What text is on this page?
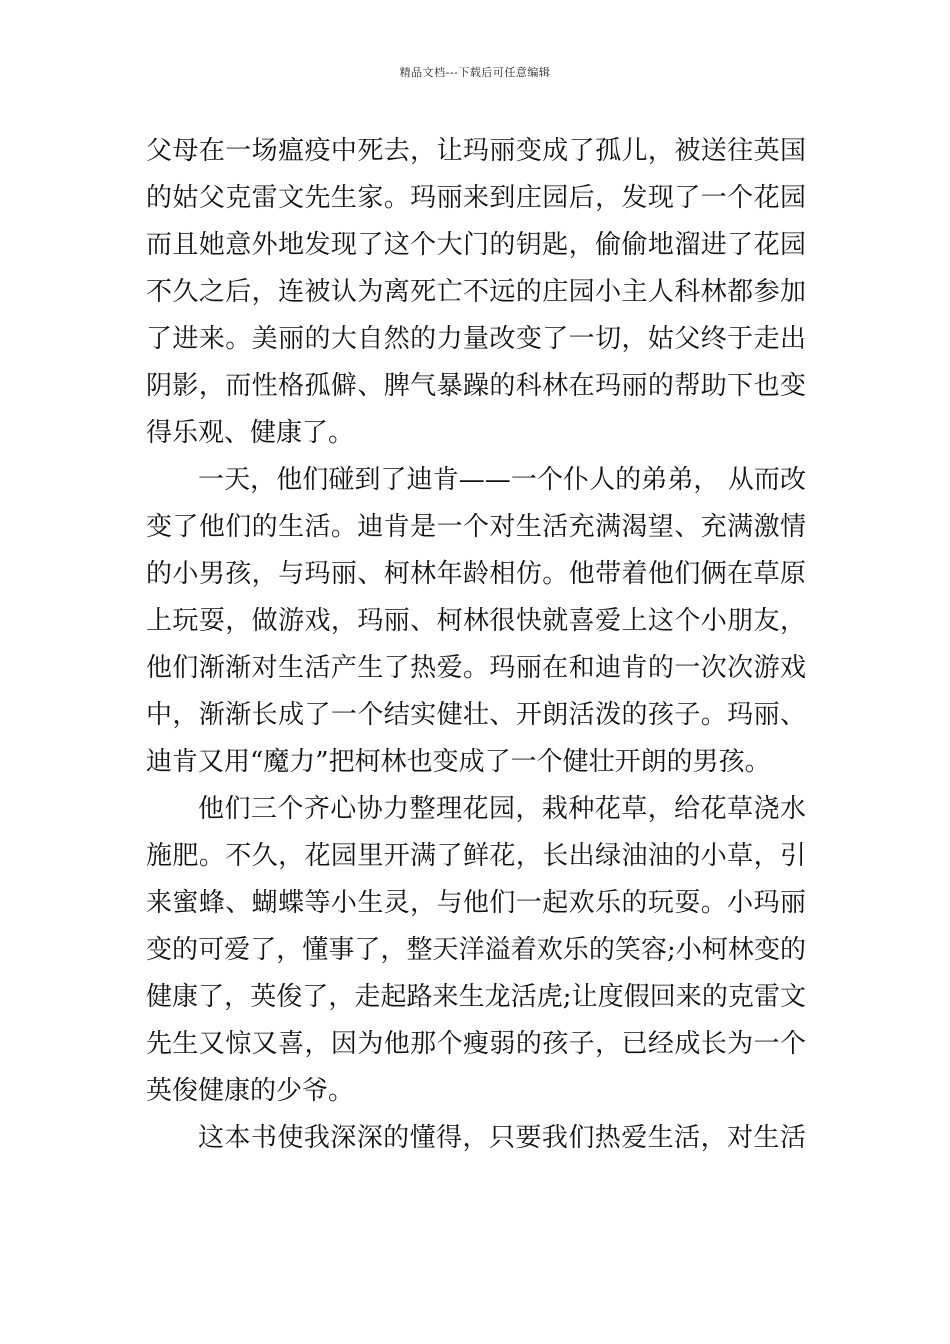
精品文档---下载后可任意编辑
父母在一场瘟疫中死去，让玛丽变成了孤儿，被送往英国
的姑父克雷文先生家。玛丽来到庄园后，发现了一个花园
而且她意外地发现了这个大门的钥匙，偷偷地溜进了花园
不久之后，连被认为离死亡不远的庄园小主人科林都参加
了进来。美丽的大自然的力量改变了一切，姑父终于走出
阴影，而性格孤僻、脾气暴躁的科林在玛丽的帮助下也变
得乐观、健康了。
一天，他们碰到了迪肯——一个仆人的弟弟， 从而改
变了他们的生活。迪肯是一个对生活充满渴望、充满激情
的小男孩，与玛丽、柯林年龄相仿。他带着他们俩在草原
上玩耍，做游戏，玛丽、柯林很快就喜爱上这个小朋友，
他们渐渐对生活产生了热爱。玛丽在和迪肯的一次次游戏
中，渐渐长成了一个结实健壮、开朗活泼的孩子。玛丽、
迪肯又用“魔力”把柯林也变成了一个健壮开朗的男孩。
他们三个齐心协力整理花园，栽种花草，给花草浇水
施肥。不久，花园里开满了鲜花，长出绿油油的小草，引
来蜜蜂、蝴蝶等小生灵，与他们一起欢乐的玩耍。小玛丽
变的可爱了，懂事了，整天洋溢着欢乐的笑容;小柯林变的
健康了，英俊了，走起路来生龙活虎;让度假回来的克雷文
先生又惊又喜，因为他那个瘦弱的孩子，已经成长为一个
英俊健康的少爷。
这本书使我深深的懂得，只要我们热爱生活，对生活
